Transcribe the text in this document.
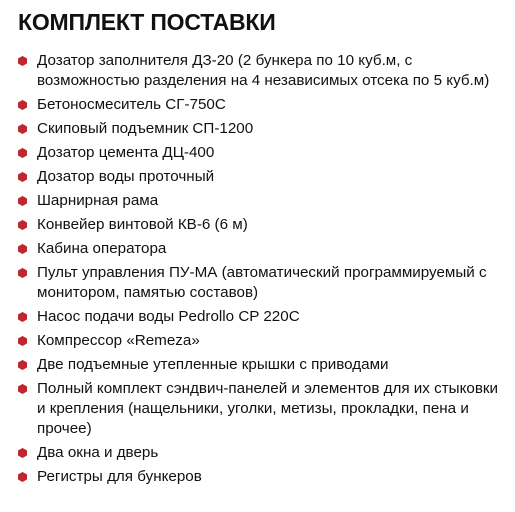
КОМПЛЕКТ ПОСТАВКИ
Дозатор заполнителя ДЗ-20 (2 бункера по 10 куб.м, с возможностью разделения на 4 независимых отсека по 5 куб.м)
Бетоносмеситель СГ-750С
Скиповый подъемник СП-1200
Дозатор цемента ДЦ-400
Дозатор воды проточный
Шарнирная рама
Конвейер винтовой КВ-6 (6 м)
Кабина оператора
Пульт управления ПУ-МА (автоматический программируемый с монитором, памятью составов)
Насос подачи воды Pedrollo CP 220C
Компрессор «Remeza»
Две подъемные утепленные крышки с приводами
Полный комплект сэндвич-панелей и элементов для их стыковки и крепления (нащельники, уголки, метизы, прокладки, пена и прочее)
Два окна и дверь
Регистры для бункеров
